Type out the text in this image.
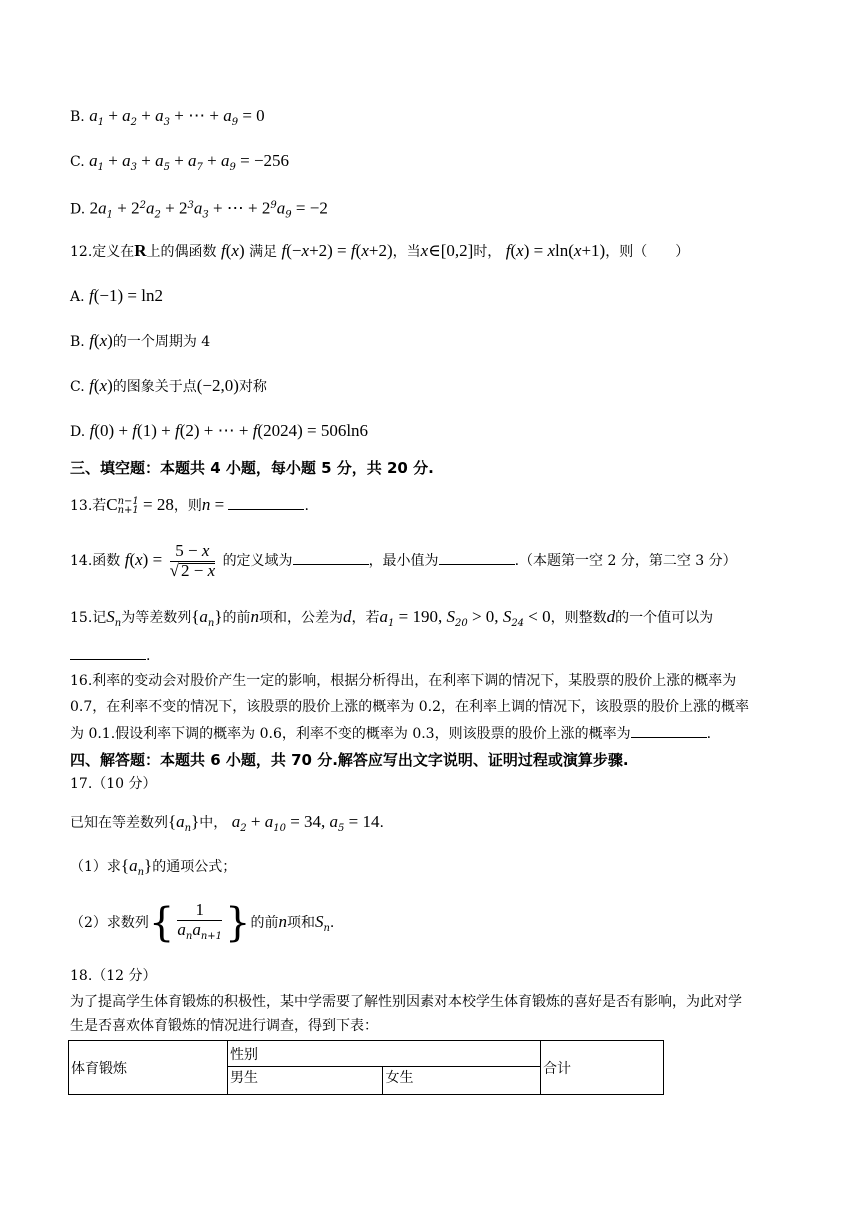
B. $a_1 + a_2 + a_3$ + ⋯ + $a_9 = 0$
C. $a_1 + a_3 + a_5 + a_7 + a_9 = -256$
D. $2a_1 + 2^2a_2 + 2^3a_3$ + ⋯ + $2^9a_9 = -2$
12.定义在R上的偶函数 f(x) 满足 f(−x+2) = f(x+2)，当x∈[0,2]时， f(x) = xln(x+1)，则（　　）
A. f(−1) = ln2
B. f(x)的一个周期为 4
C. f(x)的图象关于点(−2,0)对称
D. f(0) + f(1) + f(2) + ⋯ + f(2024) = 506ln6
三、填空题：本题共 4 小题，每小题 5 分，共 20 分.
13.若C n−1
n+1 = 28，则n =	.
14.函数 $f(x) = \frac{5 - x}{√ 2 - x}$ 的定义域为	，最小值为	.（本题第一空 2 分，第二空 3 分）
15.记$S_n$为等差数列$\{a_n\}$的前n项和，公差为d，若$a_1 = 190$, $S_{20} > 0$, $S_{24} < 0$，则整数d的一个值可以为
.
16.利率的变动会对股价产生一定的影响，根据分析得出，在利率下调的情况下，某股票的股价上涨的概率为
0.7，在利率不变的情况下，该股票的股价上涨的概率为 0.2，在利率上调的情况下，该股票的股价上涨的概率
为 0.1.假设利率下调的概率为 0.6，利率不变的概率为 0.3，则该股票的股价上涨的概率为	.
四、解答题：本题共 6 小题，共 70 分.解答应写出文字说明、证明过程或演算步骤.
17.（10 分）
已知在等差数列$\{a_n\}$中， $a_2 + a_{10} = 34$, $a_5 = 14$.
（1）求$\{a_n\}$的通项公式；
（2）求数列{ $\frac{1}{a_na_{n+1}}$ }的前n项和$S_n$.
18.（12 分）
为了提高学生体育锻炼的积极性，某中学需要了解性别因素对本校学生体育锻炼的喜好是否有影响，为此对学
生是否喜欢体育锻炼的情况进行调查，得到下表：
体育锻炼	性别		合计
	男生	女生	
